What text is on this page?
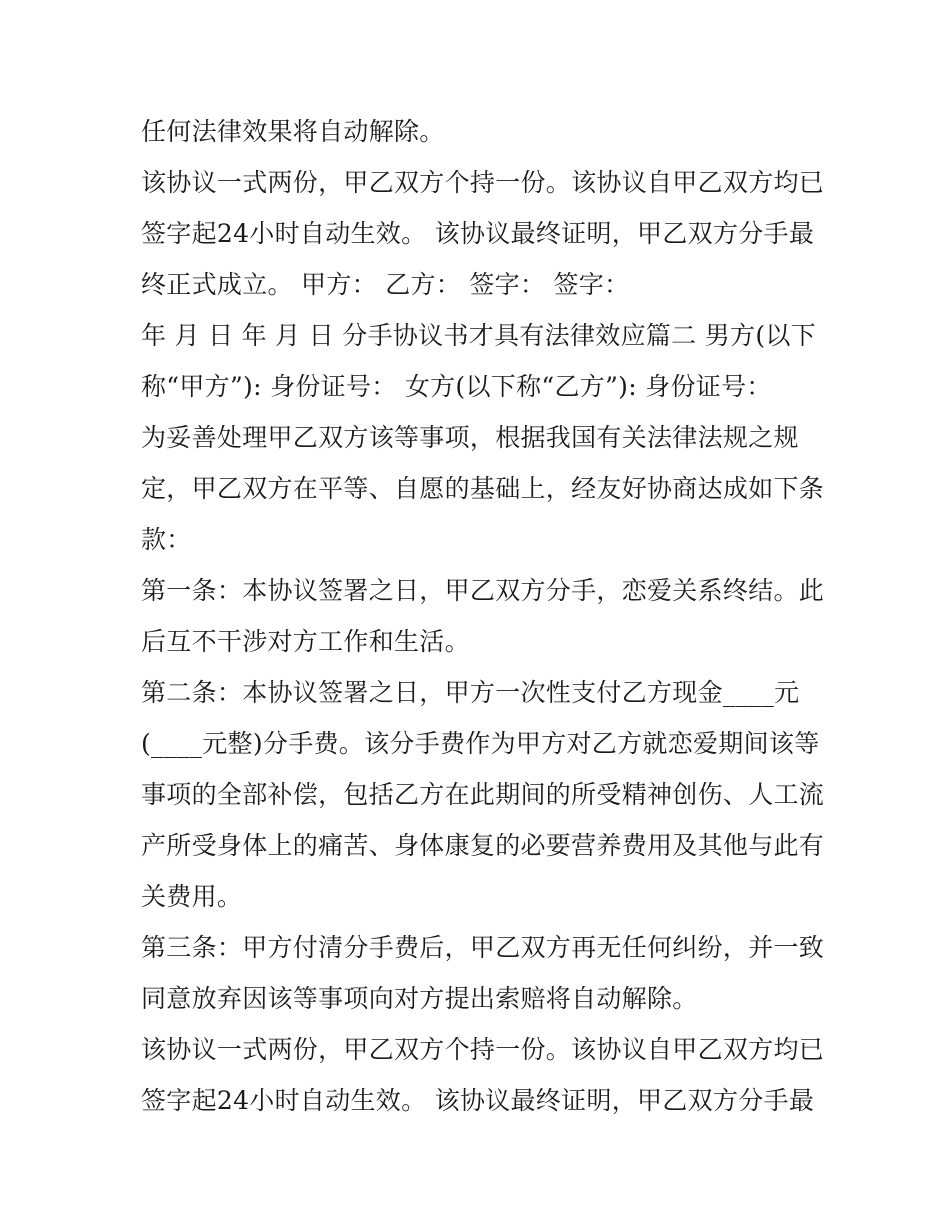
任何法律效果将自动解除。
该协议一式两份，甲乙双方个持一份。该协议自甲乙双方均已
签字起24小时自动生效。 该协议最终证明，甲乙双方分手最
终正式成立。 甲方： 乙方： 签字： 签字：
年 月 日 年 月 日 分手协议书才具有法律效应篇二 男方(以下
称“甲方”): 身份证号： 女方(以下称“乙方”): 身份证号：
为妥善处理甲乙双方该等事项，根据我国有关法律法规之规
定，甲乙双方在平等、自愿的基础上，经友好协商达成如下条
款：
第一条：本协议签署之日，甲乙双方分手，恋爱关系终结。此
后互不干涉对方工作和生活。
第二条：本协议签署之日，甲方一次性支付乙方现金____元
(____元整)分手费。该分手费作为甲方对乙方就恋爱期间该等
事项的全部补偿，包括乙方在此期间的所受精神创伤、人工流
产所受身体上的痛苦、身体康复的必要营养费用及其他与此有
关费用。
第三条：甲方付清分手费后，甲乙双方再无任何纠纷，并一致
同意放弃因该等事项向对方提出索赔将自动解除。
该协议一式两份，甲乙双方个持一份。该协议自甲乙双方均已
签字起24小时自动生效。 该协议最终证明，甲乙双方分手最
